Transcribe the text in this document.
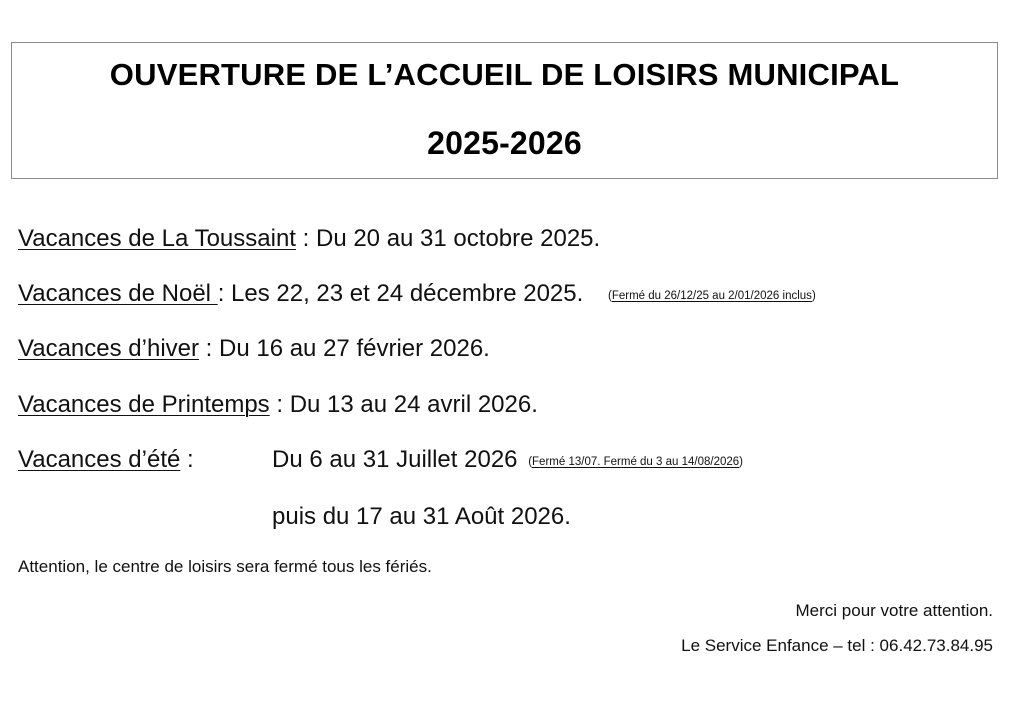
OUVERTURE DE L’ACCUEIL DE LOISIRS MUNICIPAL
2025-2026
Vacances de La Toussaint : Du 20 au 31 octobre 2025.
Vacances de Noël : Les 22, 23 et 24 décembre 2025. (Fermé du 26/12/25 au 2/01/2026 inclus)
Vacances d’hiver : Du 16 au 27 février 2026.
Vacances de Printemps : Du 13 au 24 avril 2026.
Vacances d’été :	Du 6 au 31 Juillet 2026 (Fermé 13/07. Fermé du 3 au 14/08/2026)
puis du 17 au 31 Août 2026.
Attention, le centre de loisirs sera fermé tous les fériés.
Merci pour votre attention.
Le Service Enfance – tel : 06.42.73.84.95
